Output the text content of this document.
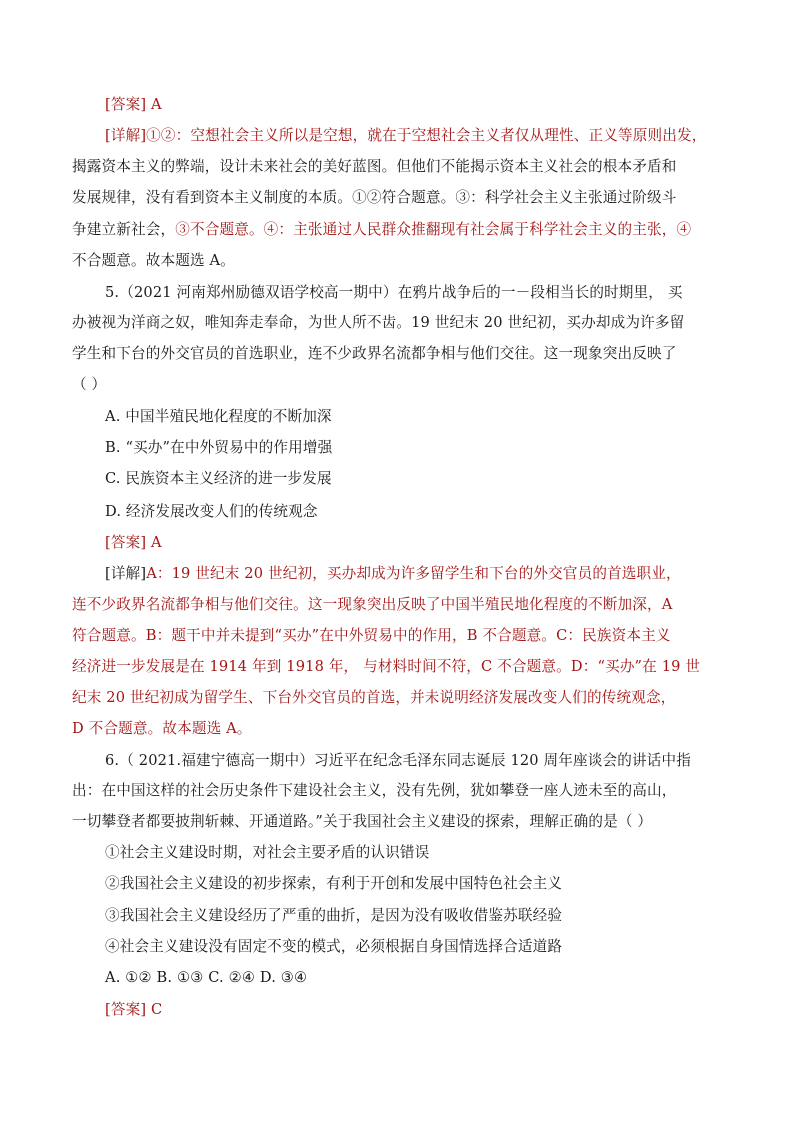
[答案] A
[详解]①②：空想社会主义所以是空想，就在于空想社会主义者仅从理性、正义等原则出发，
揭露资本主义的弊端，设计未来社会的美好蓝图。但他们不能揭示资本主义社会的根本矛盾和
发展规律，没有看到资本主义制度的本质。①②符合题意。③：科学社会主义主张通过阶级斗
争建立新社会，③不合题意。④：主张通过人民群众推翻现有社会属于科学社会主义的主张，④
不合题意。故本题选 A。
5.（2021 河南郑州励德双语学校高一期中）在鸦片战争后的一－段相当长的时期里， 买
办被视为洋商之奴，唯知奔走奉命，为世人所不齿。19 世纪末 20 世纪初，买办却成为许多留
学生和下台的外交官员的首选职业，连不少政界名流都争相与他们交往。这一现象突出反映了
（ ）
A. 中国半殖民地化程度的不断加深
B. “买办”在中外贸易中的作用增强
C. 民族资本主义经济的进一步发展
D. 经济发展改变人们的传统观念
[答案] A
[详解]A：19 世纪末 20 世纪初，买办却成为许多留学生和下台的外交官员的首选职业，
连不少政界名流都争相与他们交往。这一现象突出反映了中国半殖民地化程度的不断加深，A
符合题意。B：题干中并未提到“买办”在中外贸易中的作用，B 不合题意。C：民族资本主义
经济进一步发展是在 1914 年到 1918 年， 与材料时间不符，C 不合题意。D：“买办”在 19 世
纪末 20 世纪初成为留学生、下台外交官员的首选，并未说明经济发展改变人们的传统观念，
D 不合题意。故本题选 A。
6.（ 2021.福建宁德高一期中）习近平在纪念毛泽东同志诞辰 120 周年座谈会的讲话中指
出：在中国这样的社会历史条件下建设社会主义，没有先例，犹如攀登一座人迹未至的高山，
一切攀登者都要披荆斩棘、开通道路。”关于我国社会主义建设的探索，理解正确的是（ ）
①社会主义建设时期，对社会主要矛盾的认识错误
②我国社会主义建设的初步探索，有利于开创和发展中国特色社会主义
③我国社会主义建设经历了严重的曲折，是因为没有吸收借鉴苏联经验
④社会主义建设没有固定不变的模式，必须根据自身国情选择合适道路
A. ①② B. ①③ C. ②④ D. ③④
[答案] C
